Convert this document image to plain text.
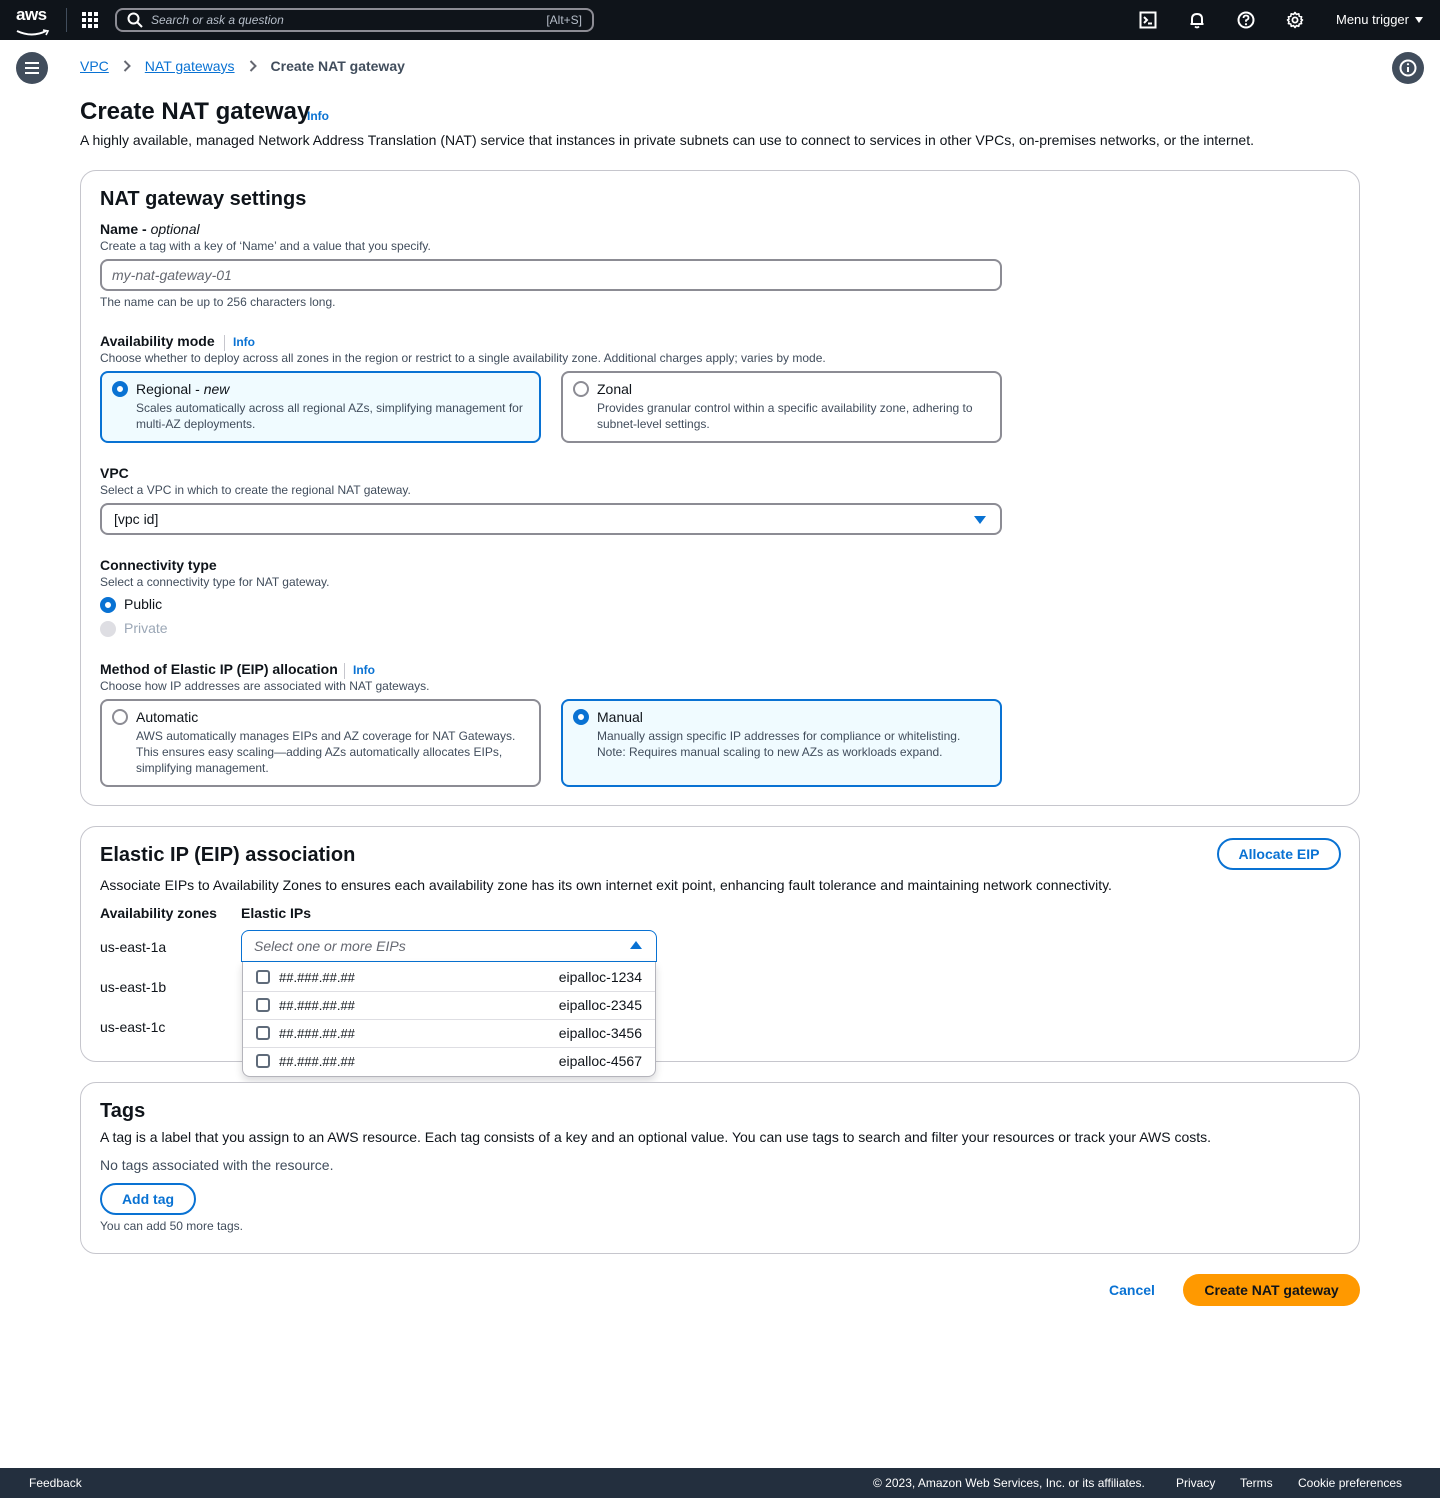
aws	Search or ask a question	[Alt+S]	Menu trigger
VPC	NAT gateways	Create NAT gateway
Create NAT gateway
Info
A highly available, managed Network Address Translation (NAT) service that instances in private subnets can use to connect to services in other VPCs, on-premises networks, or the internet.
NAT gateway settings
Name - optional
Create a tag with a key of ‘Name’ and a value that you specify.
my-nat-gateway-01
The name can be up to 256 characters long.
Availability mode Info
Choose whether to deploy across all zones in the region or restrict to a single availability zone. Additional charges apply; varies by mode.
Regional - new
Scales automatically across all regional AZs, simplifying management for multi-AZ deployments.
Zonal
Provides granular control within a specific availability zone, adhering to subnet-level settings.
VPC
Select a VPC in which to create the regional NAT gateway.
[vpc id]
Connectivity type
Select a connectivity type for NAT gateway.
Public
Private
Method of Elastic IP (EIP) allocation Info
Choose how IP addresses are associated with NAT gateways.
Automatic
AWS automatically manages EIPs and AZ coverage for NAT Gateways. This ensures easy scaling—adding AZs automatically allocates EIPs, simplifying management.
Manual
Manually assign specific IP addresses for compliance or whitelisting. Note: Requires manual scaling to new AZs as workloads expand.
Elastic IP (EIP) association	Allocate EIP
Associate EIPs to Availability Zones to ensures each availability zone has its own internet exit point, enhancing fault tolerance and maintaining network connectivity.
Availability zones Elastic IPs
us-east-1a
us-east-1b
us-east-1c
Select one or more EIPs
##.###.##.##	eipalloc-1234
##.###.##.##	eipalloc-2345
##.###.##.##	eipalloc-3456
##.###.##.##	eipalloc-4567
Tags
A tag is a label that you assign to an AWS resource. Each tag consists of a key and an optional value. You can use tags to search and filter your resources or track your AWS costs.
No tags associated with the resource.
Add tag
You can add 50 more tags.
Cancel	Create NAT gateway
Feedback	© 2023, Amazon Web Services, Inc. or its affiliates.	Privacy Terms Cookie preferences
